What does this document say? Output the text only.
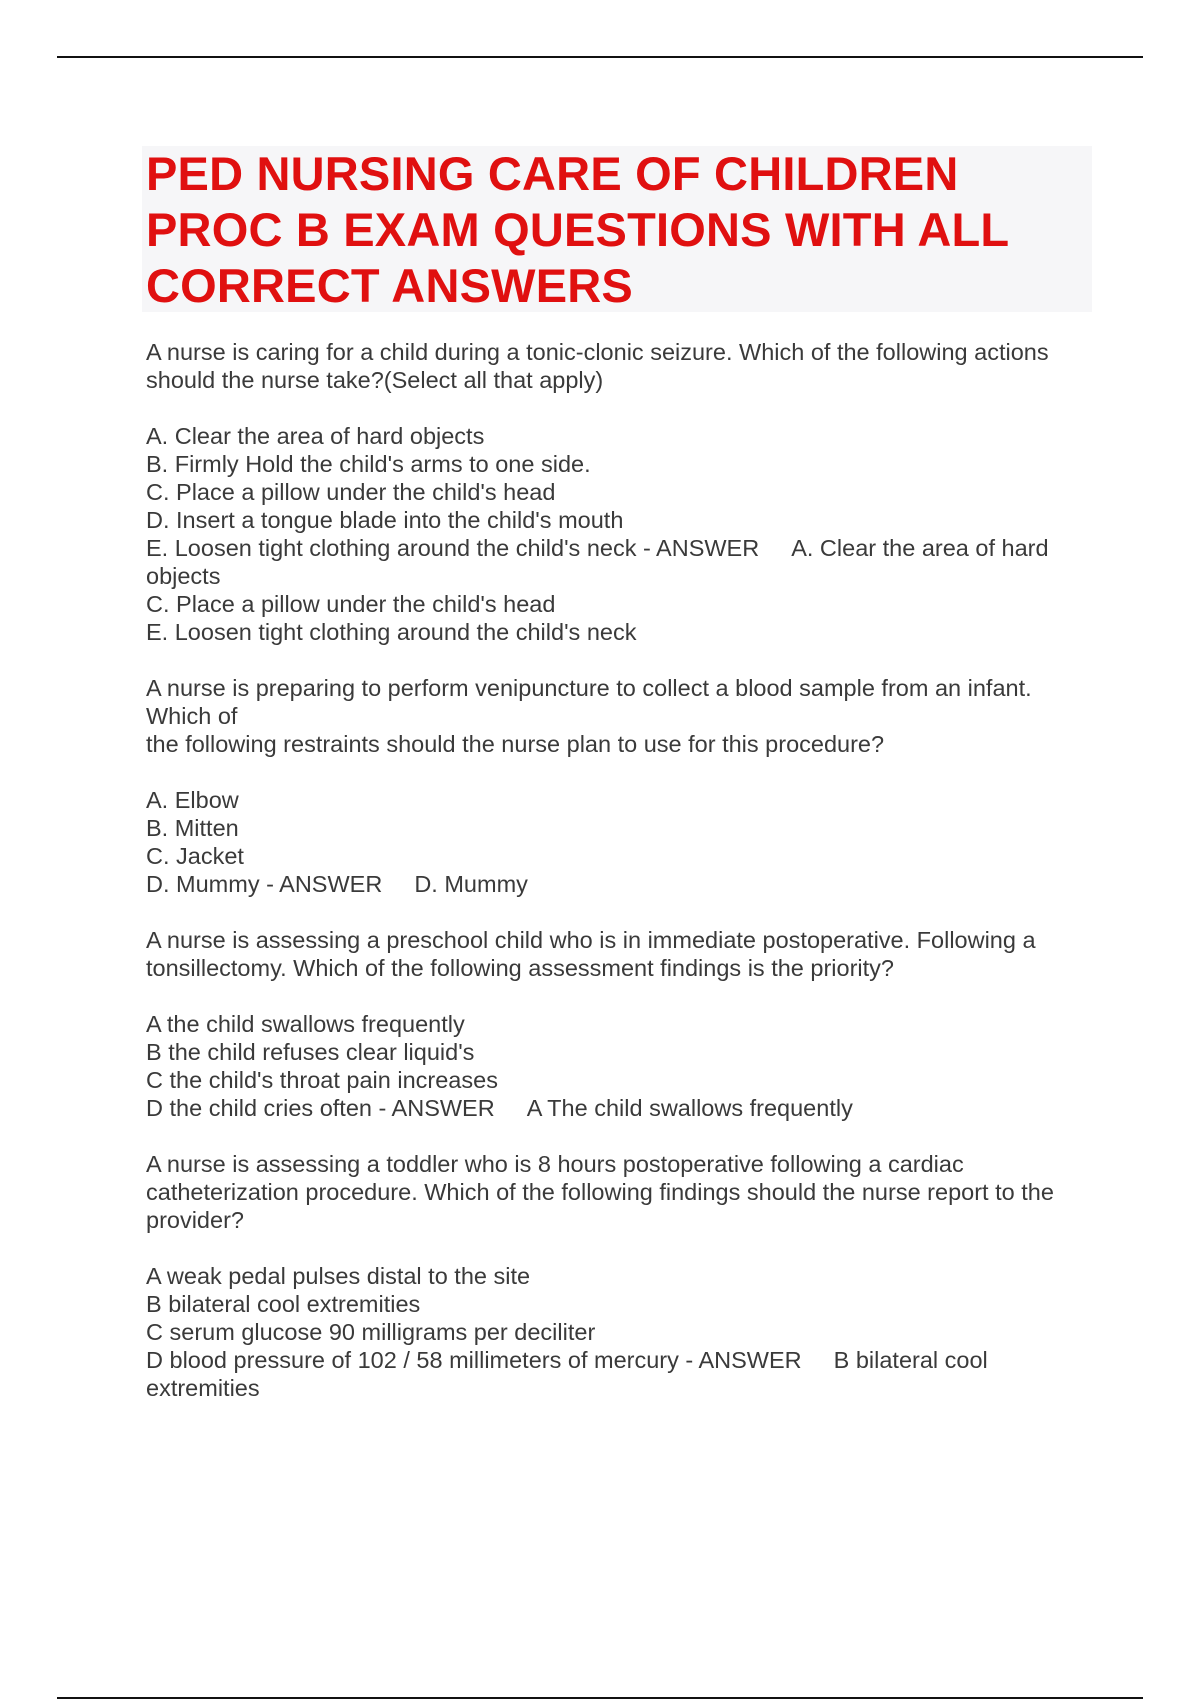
PED NURSING CARE OF CHILDREN
PROC B EXAM QUESTIONS WITH ALL
CORRECT ANSWERS
A nurse is caring for a child during a tonic-clonic seizure. Which of the following actions
should the nurse take?(Select all that apply)
A. Clear the area of hard objects
B. Firmly Hold the child's arms to one side.
C. Place a pillow under the child's head
D. Insert a tongue blade into the child's mouth
E. Loosen tight clothing around the child's neck - ANSWER A. Clear the area of hard
objects
C. Place a pillow under the child's head
E. Loosen tight clothing around the child's neck
A nurse is preparing to perform venipuncture to collect a blood sample from an infant.
Which of
the following restraints should the nurse plan to use for this procedure?
A. Elbow
B. Mitten
C. Jacket
D. Mummy - ANSWER D. Mummy
A nurse is assessing a preschool child who is in immediate postoperative. Following a
tonsillectomy. Which of the following assessment findings is the priority?
A the child swallows frequently
B the child refuses clear liquid's
C the child's throat pain increases
D the child cries often - ANSWER A The child swallows frequently
A nurse is assessing a toddler who is 8 hours postoperative following a cardiac
catheterization procedure. Which of the following findings should the nurse report to the
provider?
A weak pedal pulses distal to the site
B bilateral cool extremities
C serum glucose 90 milligrams per deciliter
D blood pressure of 102 / 58 millimeters of mercury - ANSWER B bilateral cool
extremities
